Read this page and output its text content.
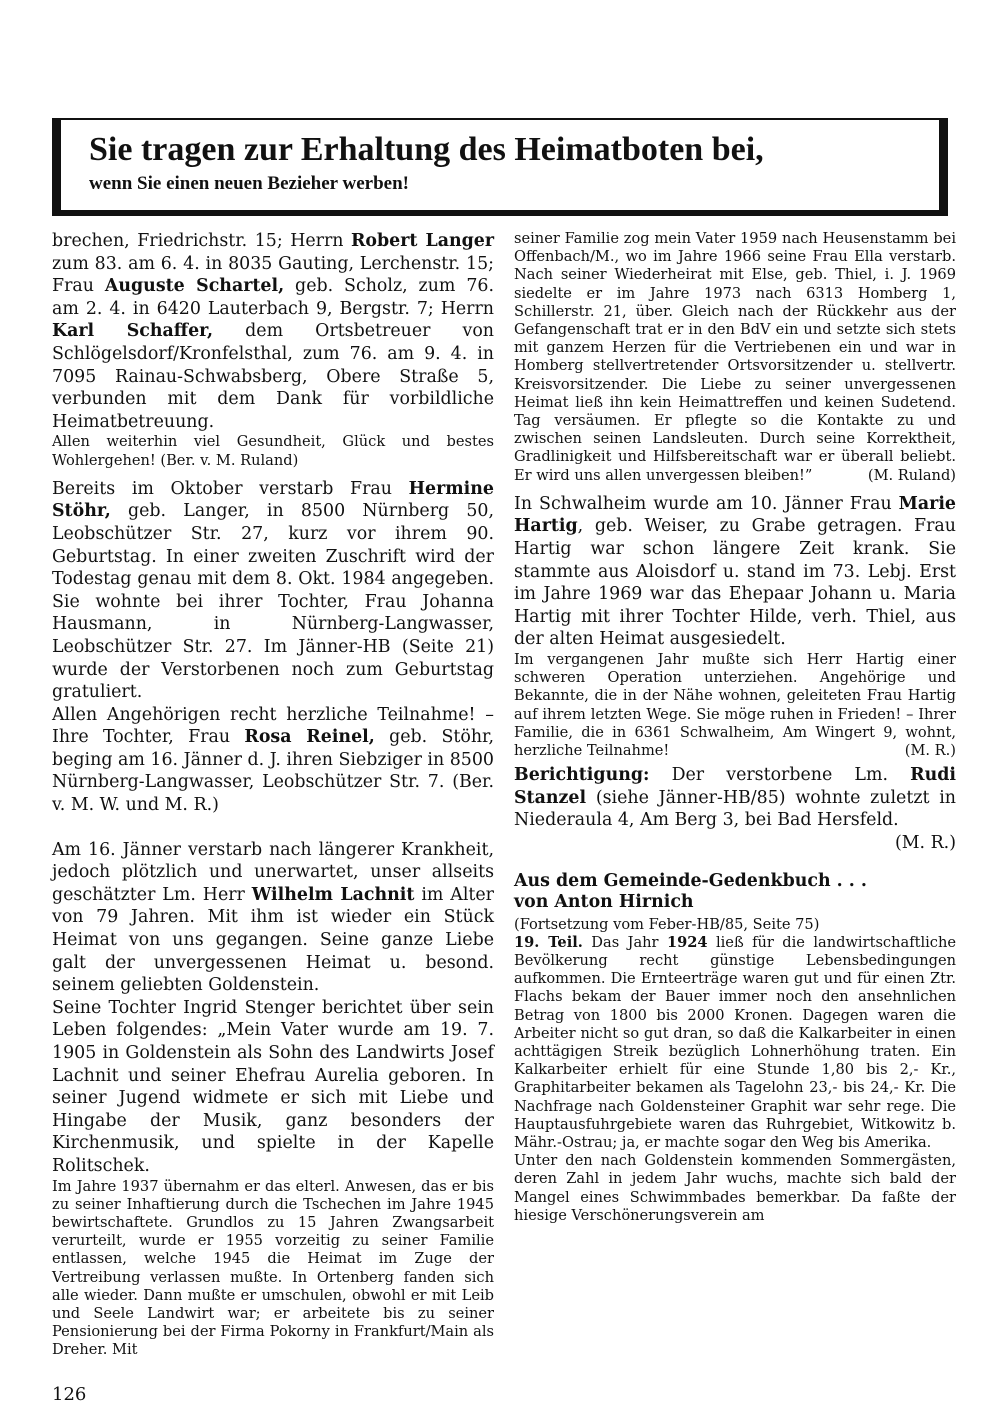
Sie tragen zur Erhaltung des Heimatboten bei,
wenn Sie einen neuen Bezieher werben!

brechen, Friedrichstr. 15; Herrn Robert Langer zum 83. am 6. 4. in 8035 Gauting, Lerchenstr. 15; Frau Auguste Schartel, geb. Scholz, zum 76. am 2. 4. in 6420 Lauterbach 9, Bergstr. 7; Herrn Karl Schaffer, dem Ortsbetreuer von Schlögelsdorf/Kronfelsthal, zum 76. am 9. 4. in 7095 Rainau-Schwabsberg, Obere Straße 5, verbunden mit dem Dank für vorbildliche Heimatbetreuung.

Allen weiterhin viel Gesundheit, Glück und bestes Wohlergehen! (Ber. v. M. Ruland)

Bereits im Oktober verstarb Frau Hermine Stöhr, geb. Langer, in 8500 Nürnberg 50, Leobschützer Str. 27, kurz vor ihrem 90. Geburtstag. In einer zweiten Zuschrift wird der Todestag genau mit dem 8. Okt. 1984 angegeben. Sie wohnte bei ihrer Tochter, Frau Johanna Hausmann, in Nürnberg-Langwasser, Leobschützer Str. 27. Im Jänner-HB (Seite 21) wurde der Verstorbenen noch zum Geburtstag gratuliert.

Allen Angehörigen recht herzliche Teilnahme! – Ihre Tochter, Frau Rosa Reinel, geb. Stöhr, beging am 16. Jänner d. J. ihren Siebziger in 8500 Nürnberg-Langwasser, Leobschützer Str. 7. (Ber. v. M. W. und M. R.)

Am 16. Jänner verstarb nach längerer Krankheit, jedoch plötzlich und unerwartet, unser allseits geschätzter Lm. Herr Wilhelm Lachnit im Alter von 79 Jahren. Mit ihm ist wieder ein Stück Heimat von uns gegangen. Seine ganze Liebe galt der unvergessenen Heimat u. besond. seinem geliebten Goldenstein.

Seine Tochter Ingrid Stenger berichtet über sein Leben folgendes: „Mein Vater wurde am 19. 7. 1905 in Goldenstein als Sohn des Landwirts Josef Lachnit und seiner Ehefrau Aurelia geboren. In seiner Jugend widmete er sich mit Liebe und Hingabe der Musik, ganz besonders der Kirchenmusik, und spielte in der Kapelle Rolitschek.

Im Jahre 1937 übernahm er das elterl. Anwesen, das er bis zu seiner Inhaftierung durch die Tschechen im Jahre 1945 bewirtschaftete. Grundlos zu 15 Jahren Zwangsarbeit verurteilt, wurde er 1955 vorzeitig zu seiner Familie entlassen, welche 1945 die Heimat im Zuge der Vertreibung verlassen mußte. In Ortenberg fanden sich alle wieder. Dann mußte er umschulen, obwohl er mit Leib und Seele Landwirt war; er arbeitete bis zu seiner Pensionierung bei der Firma Pokorny in Frankfurt/Main als Dreher. Mit

126

seiner Familie zog mein Vater 1959 nach Heusenstamm bei Offenbach/M., wo im Jahre 1966 seine Frau Ella verstarb. Nach seiner Wiederheirat mit Else, geb. Thiel, i. J. 1969 siedelte er im Jahre 1973 nach 6313 Homberg 1, Schillerstr. 21, über. Gleich nach der Rückkehr aus der Gefangenschaft trat er in den BdV ein und setzte sich stets mit ganzem Herzen für die Vertriebenen ein und war in Homberg stellvertretender Ortsvorsitzender u. stellvertr. Kreisvorsitzender. Die Liebe zu seiner unvergessenen Heimat ließ ihn kein Heimattreffen und keinen Sudetend. Tag versäumen. Er pflegte so die Kontakte zu und zwischen seinen Landsleuten. Durch seine Korrektheit, Gradlinigkeit und Hilfsbereitschaft war er überall beliebt. Er wird uns allen unvergessen bleiben!”	(M. Ruland)

In Schwalheim wurde am 10. Jänner Frau Marie Hartig, geb. Weiser, zu Grabe getragen. Frau Hartig war schon längere Zeit krank. Sie stammte aus Aloisdorf u. stand im 73. Lebj. Erst im Jahre 1969 war das Ehepaar Johann u. Maria Hartig mit ihrer Tochter Hilde, verh. Thiel, aus der alten Heimat ausgesiedelt.

Im vergangenen Jahr mußte sich Herr Hartig einer schweren Operation unterziehen. Angehörige und Bekannte, die in der Nähe wohnen, geleiteten Frau Hartig auf ihrem letzten Wege. Sie möge ruhen in Frieden! – Ihrer Familie, die in 6361 Schwalheim, Am Wingert 9, wohnt, herzliche Teilnahme!	(M. R.)

Berichtigung: Der verstorbene Lm. Rudi Stanzel (siehe Jänner-HB/85) wohnte zuletzt in Niederaula 4, Am Berg 3, bei Bad Hersfeld.

(M. R.)

Aus dem Gemeinde-Gedenkbuch . . .
von Anton Hirnich

(Fortsetzung vom Feber-HB/85, Seite 75)

19. Teil. Das Jahr 1924 ließ für die landwirtschaftliche Bevölkerung recht günstige Lebensbedingungen aufkommen. Die Ernteerträge waren gut und für einen Ztr. Flachs bekam der Bauer immer noch den ansehnlichen Betrag von 1800 bis 2000 Kronen. Dagegen waren die Arbeiter nicht so gut dran, so daß die Kalkarbeiter in einen achttägigen Streik bezüglich Lohnerhöhung traten. Ein Kalkarbeiter erhielt für eine Stunde 1,80 bis 2,- Kr., Graphitarbeiter bekamen als Tagelohn 23,- bis 24,- Kr. Die Nachfrage nach Goldensteiner Graphit war sehr rege. Die Hauptausfuhrgebiete waren das Ruhrgebiet, Witkowitz b. Mähr.-Ostrau; ja, er machte sogar den Weg bis Amerika.

Unter den nach Goldenstein kommenden Sommergästen, deren Zahl in jedem Jahr wuchs, machte sich bald der Mangel eines Schwimmbades bemerkbar. Da faßte der hiesige Verschönerungsverein am
